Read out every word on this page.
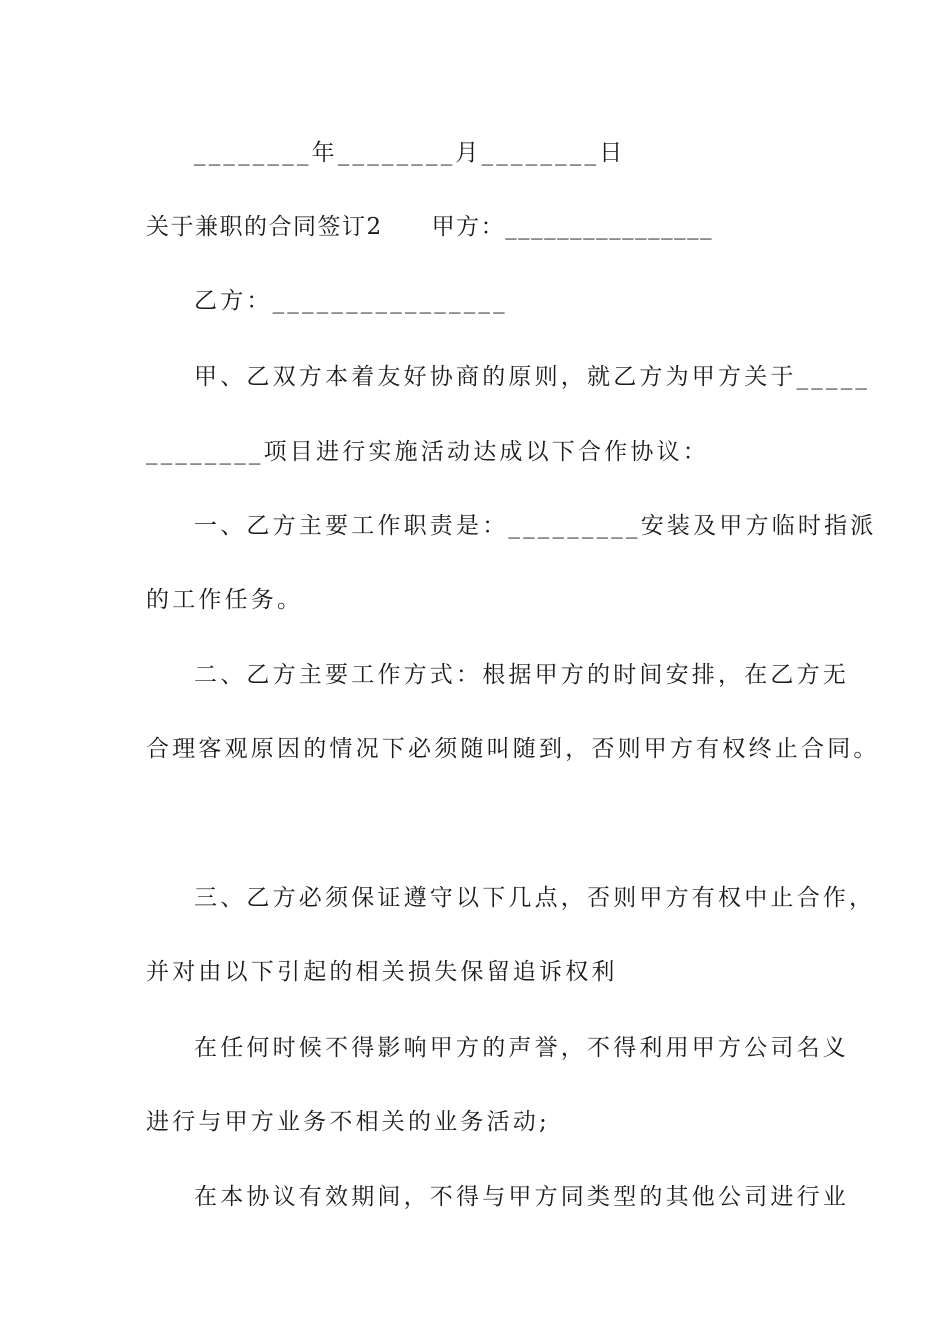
________年________月________日
关于兼职的合同签订2　　甲方：________________
乙方：________________
甲、乙双方本着友好协商的原则，就乙方为甲方关于_____
________项目进行实施活动达成以下合作协议：
一、乙方主要工作职责是：_________安装及甲方临时指派
的工作任务。
二、乙方主要工作方式：根据甲方的时间安排，在乙方无
合理客观原因的情况下必须随叫随到，否则甲方有权终止合同。
三、乙方必须保证遵守以下几点，否则甲方有权中止合作，
并对由以下引起的相关损失保留追诉权利
在任何时候不得影响甲方的声誉，不得利用甲方公司名义
进行与甲方业务不相关的业务活动;
在本协议有效期间，不得与甲方同类型的其他公司进行业
